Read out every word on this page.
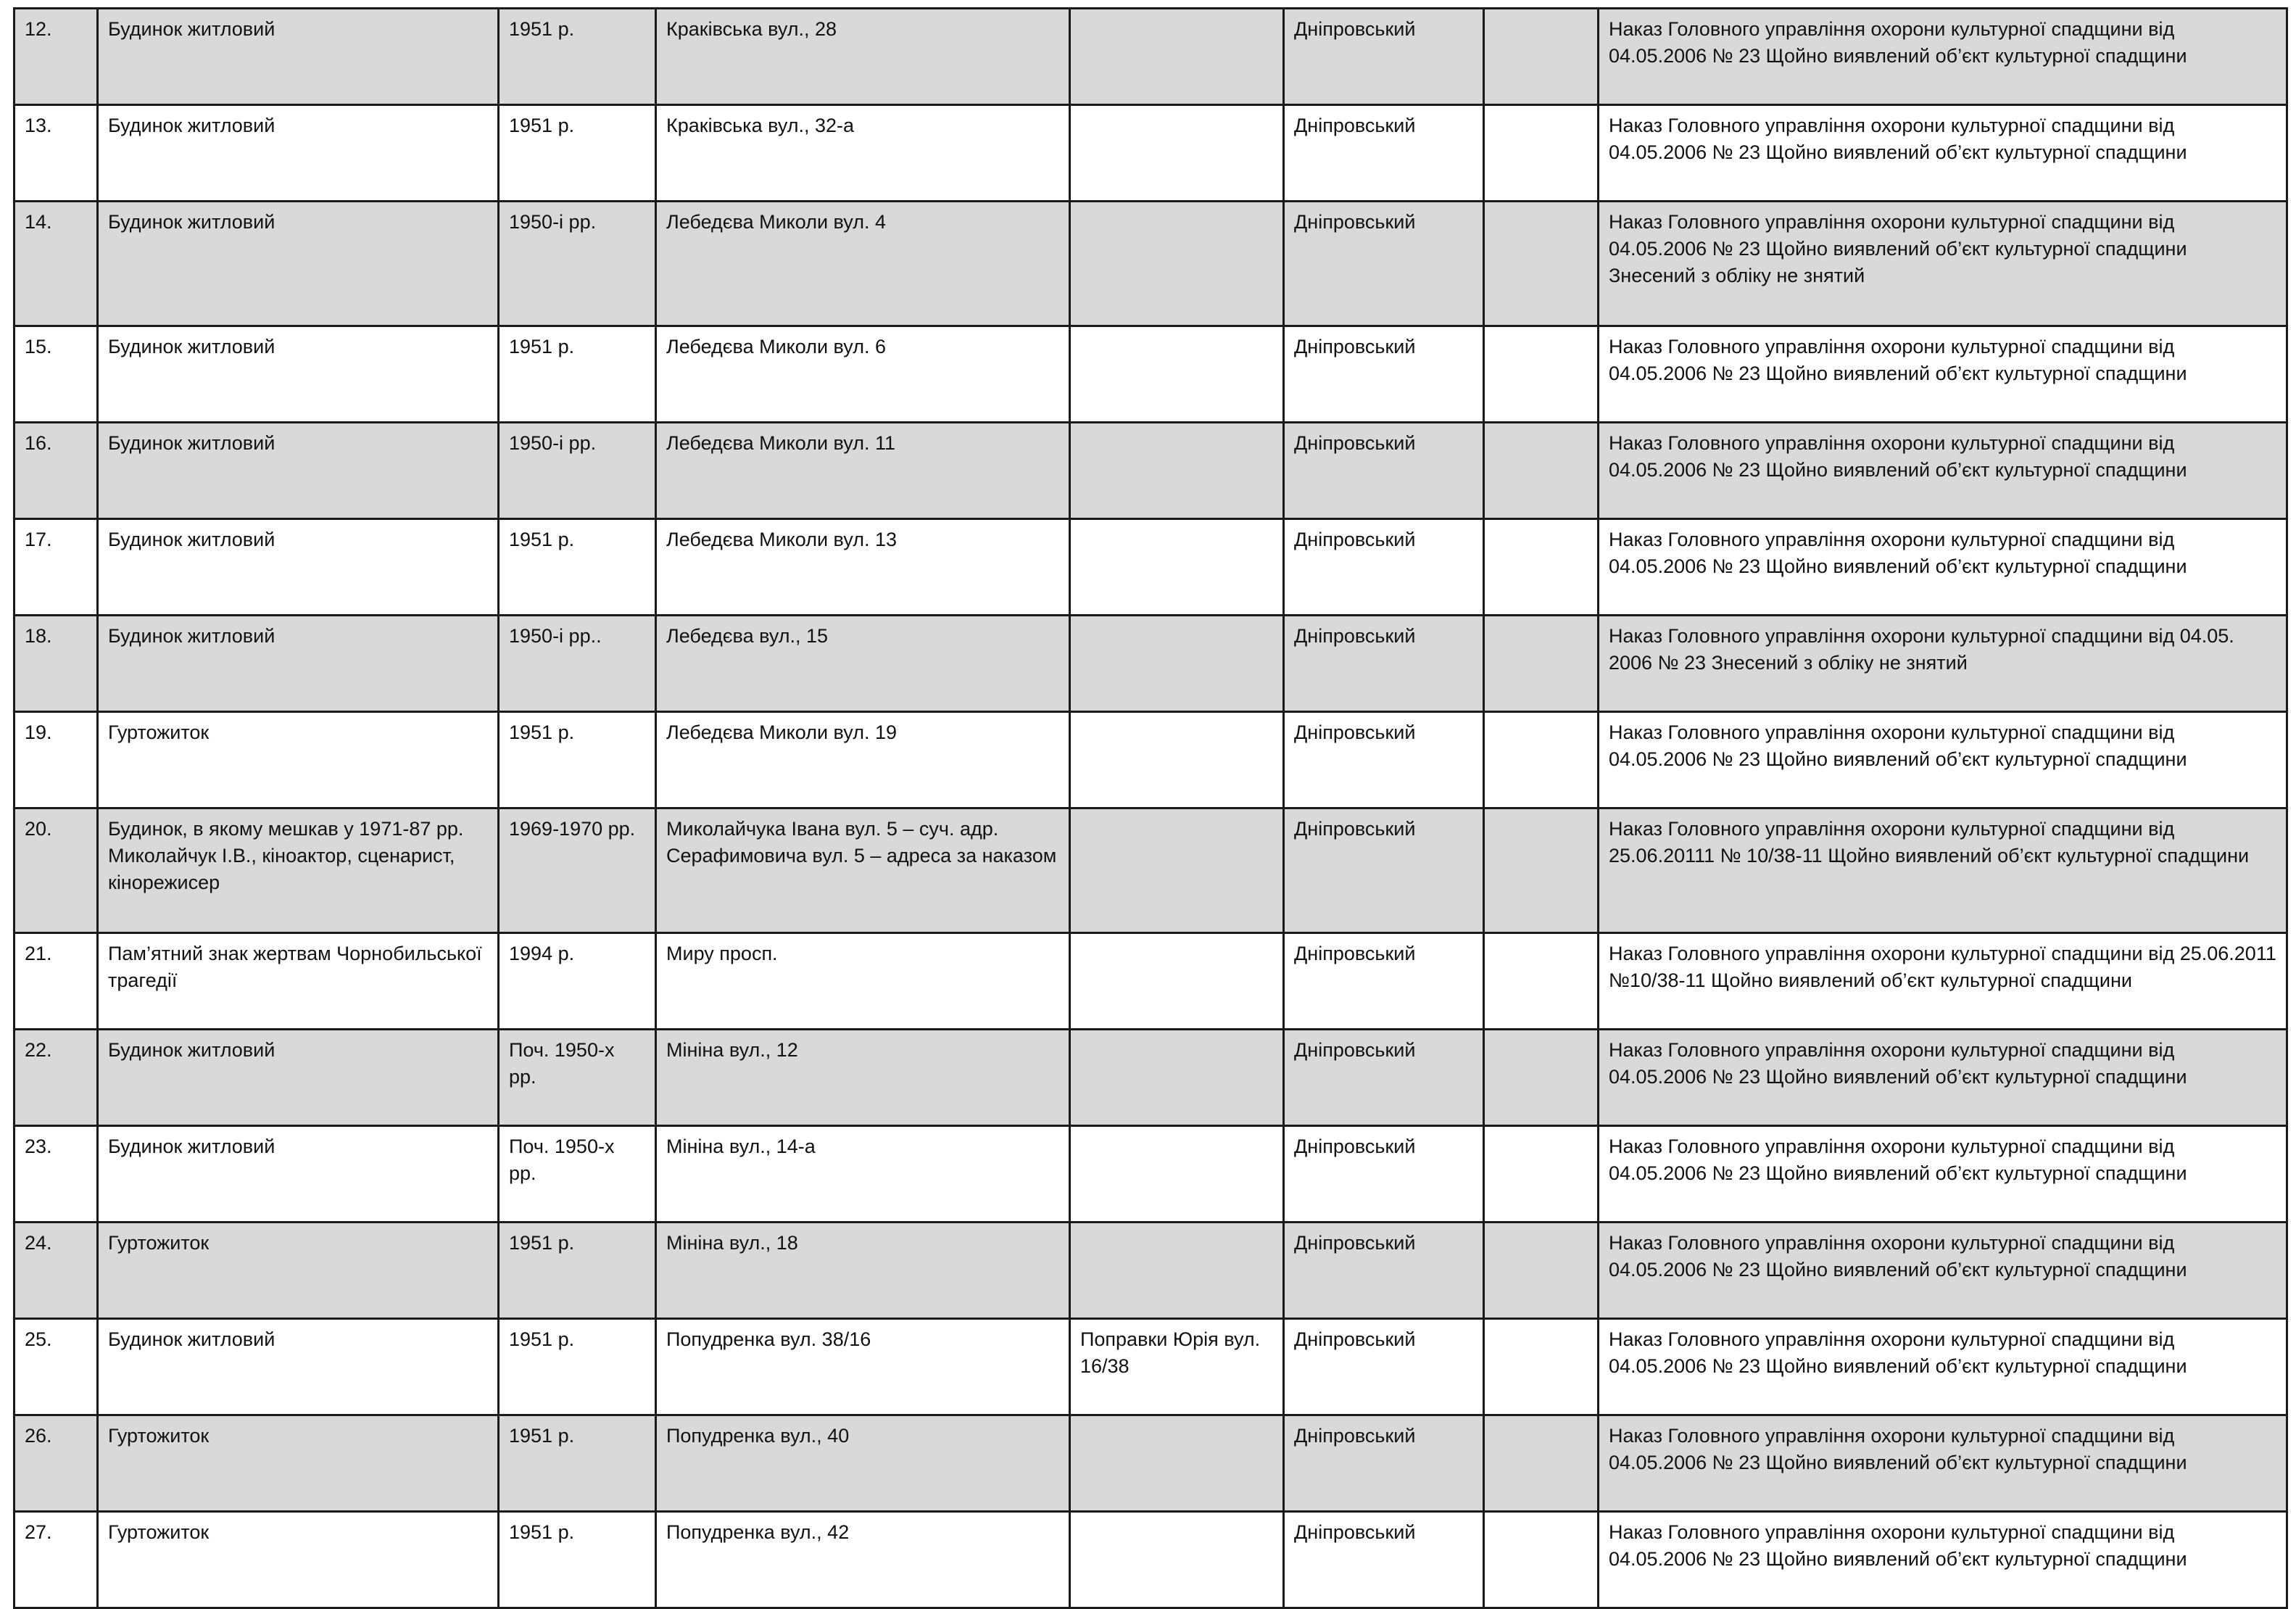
12.	Будинок житловий	1951 р.	Краківська вул., 28		Дніпровський		Наказ Головного управління охорони культурної спадщини від 04.05.2006 № 23 Щойно виявлений об’єкт культурної спадщини

13.	Будинок житловий	1951 р.	Краківська вул., 32-а		Дніпровський		Наказ Головного управління охорони культурної спадщини від 04.05.2006 № 23 Щойно виявлений об’єкт культурної спадщини

14.	Будинок житловий	1950-і рр.	Лебедєва Миколи вул. 4		Дніпровський		Наказ Головного управління охорони культурної спадщини від 04.05.2006 № 23 Щойно виявлений об’єкт культурної спадщини
Знесений з обліку не знятий

15.	Будинок житловий	1951 р.	Лебедєва Миколи вул. 6		Дніпровський		Наказ Головного управління охорони культурної спадщини від 04.05.2006 № 23 Щойно виявлений об’єкт культурної спадщини

16.	Будинок житловий	1950-і рр.	Лебедєва Миколи вул. 11		Дніпровський		Наказ Головного управління охорони культурної спадщини від 04.05.2006 № 23 Щойно виявлений об’єкт культурної спадщини

17.	Будинок житловий	1951 р.	Лебедєва Миколи вул. 13		Дніпровський		Наказ Головного управління охорони культурної спадщини від 04.05.2006 № 23 Щойно виявлений об’єкт культурної спадщини

18.	Будинок житловий	1950-і рр..	Лебедєва вул., 15		Дніпровський		Наказ Головного управління охорони культурної спадщини від 04.05. 2006 № 23 Знесений з обліку не знятий

19.	Гуртожиток	1951 р.	Лебедєва Миколи вул. 19		Дніпровський		Наказ Головного управління охорони культурної спадщини від 04.05.2006 № 23 Щойно виявлений об’єкт культурної спадщини

20.	Будинок, в якому мешкав у 1971-87 рр. Миколайчук І.В., кіноактор, сценарист, кінорежисер	1969-1970 рр.	Миколайчука Івана вул. 5 – суч. адр. Серафимовича вул. 5 – адреса за наказом		Дніпровський		Наказ Головного управління охорони культурної спадщини від 25.06.20111 № 10/38-11 Щойно виявлений об’єкт культурної спадщини

21.	Пам’ятний знак жертвам Чорнобильської трагедії	1994 р.	Миру просп.		Дніпровський		Наказ Головного управління охорони культурної спадщини від 25.06.2011 №10/38-11 Щойно виявлений об’єкт культурної спадщини

22.	Будинок житловий	Поч. 1950-х рр.	Мініна вул., 12		Дніпровський		Наказ Головного управління охорони культурної спадщини від 04.05.2006 № 23 Щойно виявлений об’єкт культурної спадщини

23.	Будинок житловий	Поч. 1950-х рр.	Мініна вул., 14-а		Дніпровський		Наказ Головного управління охорони культурної спадщини від 04.05.2006 № 23 Щойно виявлений об’єкт культурної спадщини

24.	Гуртожиток	1951 р.	Мініна вул., 18		Дніпровський		Наказ Головного управління охорони культурної спадщини від 04.05.2006 № 23 Щойно виявлений об’єкт культурної спадщини

25.	Будинок житловий	1951 р.	Попудренка вул. 38/16	Поправки Юрія вул. 16/38	Дніпровський		Наказ Головного управління охорони культурної спадщини від 04.05.2006 № 23 Щойно виявлений об’єкт культурної спадщини

26.	Гуртожиток	1951 р.	Попудренка вул., 40		Дніпровський		Наказ Головного управління охорони культурної спадщини від 04.05.2006 № 23 Щойно виявлений об’єкт культурної спадщини

27.	Гуртожиток	1951 р.	Попудренка вул., 42		Дніпровський		Наказ Головного управління охорони культурної спадщини від 04.05.2006 № 23 Щойно виявлений об’єкт культурної спадщини
